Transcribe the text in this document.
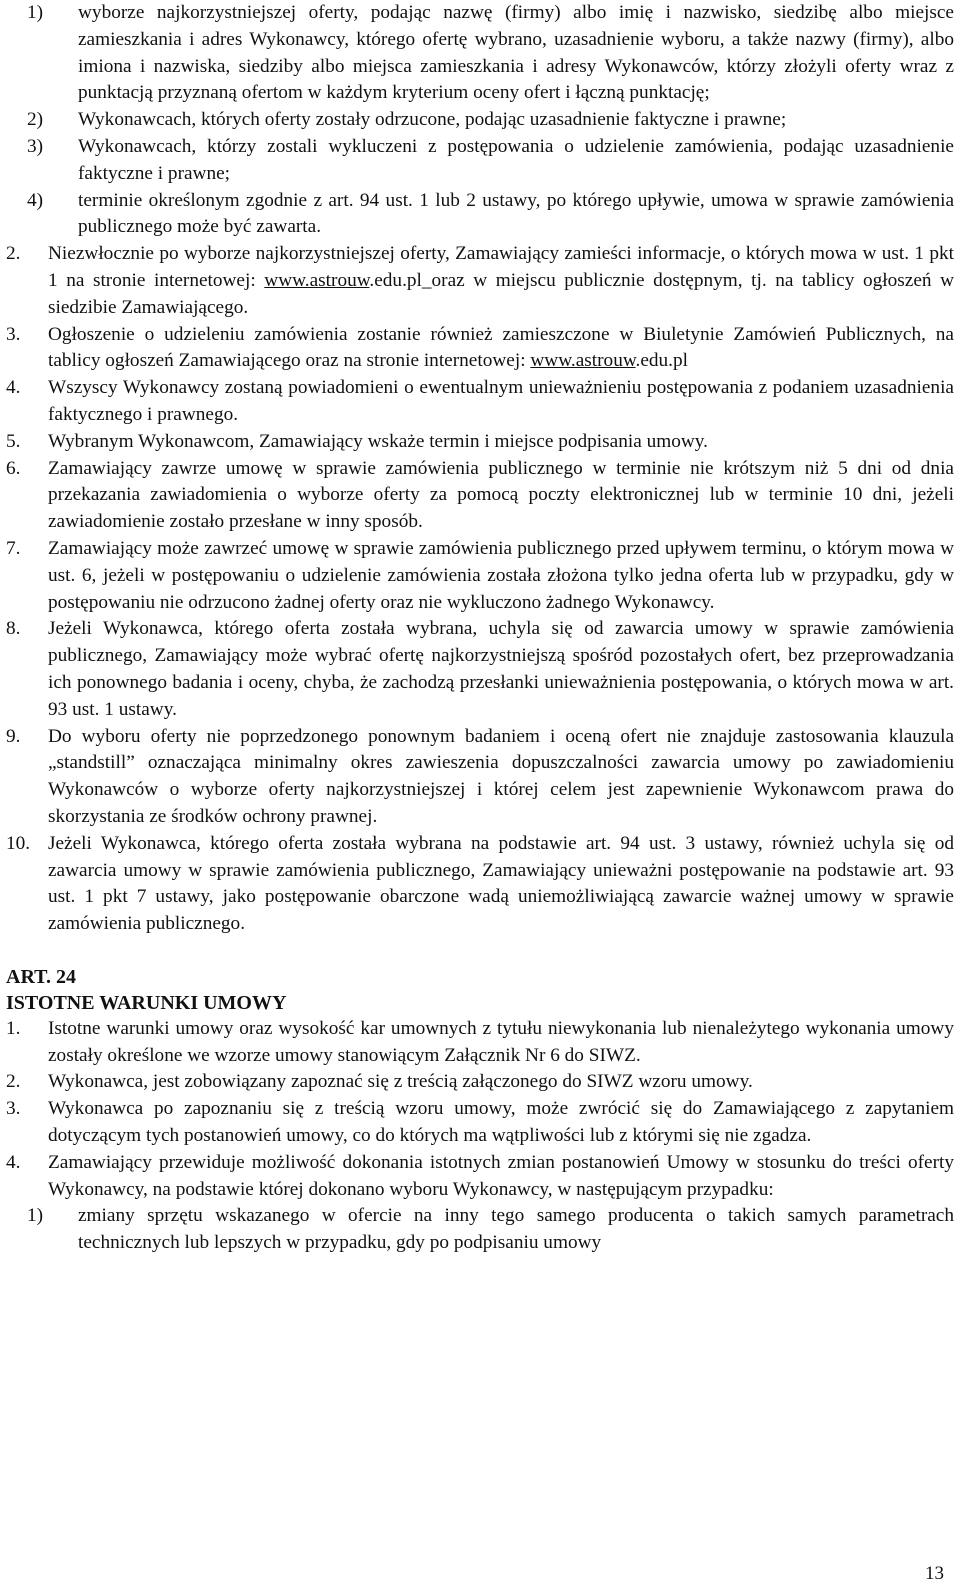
1) wyborze najkorzystniejszej oferty, podając nazwę (firmy) albo imię i nazwisko, siedzibę albo miejsce zamieszkania i adres Wykonawcy, którego ofertę wybrano, uzasadnienie wyboru, a także nazwy (firmy), albo imiona i nazwiska, siedziby albo miejsca zamieszkania i adresy Wykonawców, którzy złożyli oferty wraz z punktacją przyznaną ofertom w każdym kryterium oceny ofert i łączną punktację;
2) Wykonawcach, których oferty zostały odrzucone, podając uzasadnienie faktyczne i prawne;
3) Wykonawcach, którzy zostali wykluczeni z postępowania o udzielenie zamówienia, podając uzasadnienie faktyczne i prawne;
4) terminie określonym zgodnie z art. 94 ust. 1 lub 2 ustawy, po którego upływie, umowa w sprawie zamówienia publicznego może być zawarta.
2. Niezwłocznie po wyborze najkorzystniejszej oferty, Zamawiający zamieści informacje, o których mowa w ust. 1 pkt 1 na stronie internetowej: www.astrouw.edu.pl_oraz w miejscu publicznie dostępnym, tj. na tablicy ogłoszeń w siedzibie Zamawiającego.
3. Ogłoszenie o udzieleniu zamówienia zostanie również zamieszczone w Biuletynie Zamówień Publicznych, na tablicy ogłoszeń Zamawiającego oraz na stronie internetowej: www.astrouw.edu.pl
4. Wszyscy Wykonawcy zostaną powiadomieni o ewentualnym unieważnieniu postępowania z podaniem uzasadnienia faktycznego i prawnego.
5. Wybranym Wykonawcom, Zamawiający wskaże termin i miejsce podpisania umowy.
6. Zamawiający zawrze umowę w sprawie zamówienia publicznego w terminie nie krótszym niż 5 dni od dnia przekazania zawiadomienia o wyborze oferty za pomocą poczty elektronicznej lub w terminie 10 dni, jeżeli zawiadomienie zostało przesłane w inny sposób.
7. Zamawiający może zawrzeć umowę w sprawie zamówienia publicznego przed upływem terminu, o którym mowa w ust. 6, jeżeli w postępowaniu o udzielenie zamówienia została złożona tylko jedna oferta lub w przypadku, gdy w postępowaniu nie odrzucono żadnej oferty oraz nie wykluczono żadnego Wykonawcy.
8. Jeżeli Wykonawca, którego oferta została wybrana, uchyla się od zawarcia umowy w sprawie zamówienia publicznego, Zamawiający może wybrać ofertę najkorzystniejszą spośród pozostałych ofert, bez przeprowadzania ich ponownego badania i oceny, chyba, że zachodzą przesłanki unieważnienia postępowania, o których mowa w art. 93 ust. 1 ustawy.
9. Do wyboru oferty nie poprzedzonego ponownym badaniem i oceną ofert nie znajduje zastosowania klauzula „standstill” oznaczająca minimalny okres zawieszenia dopuszczalności zawarcia umowy po zawiadomieniu Wykonawców o wyborze oferty najkorzystniejszej i której celem jest zapewnienie Wykonawcom prawa do skorzystania ze środków ochrony prawnej.
10. Jeżeli Wykonawca, którego oferta została wybrana na podstawie art. 94 ust. 3 ustawy, również uchyla się od zawarcia umowy w sprawie zamówienia publicznego, Zamawiający unieważni postępowanie na podstawie art. 93 ust. 1 pkt 7 ustawy, jako postępowanie obarczone wadą uniemożliwiającą zawarcie ważnej umowy w sprawie zamówienia publicznego.
ART. 24
ISTOTNE WARUNKI UMOWY
1. Istotne warunki umowy oraz wysokość kar umownych z tytułu niewykonania lub nienależytego wykonania umowy zostały określone we wzorze umowy stanowiącym Załącznik Nr 6 do SIWZ.
2. Wykonawca, jest zobowiązany zapoznać się z treścią załączonego do SIWZ wzoru umowy.
3. Wykonawca po zapoznaniu się z treścią wzoru umowy, może zwrócić się do Zamawiającego z zapytaniem dotyczącym tych postanowień umowy, co do których ma wątpliwości lub z którymi się nie zgadza.
4. Zamawiający przewiduje możliwość dokonania istotnych zmian postanowień Umowy w stosunku do treści oferty Wykonawcy, na podstawie której dokonano wyboru Wykonawcy, w następującym przypadku:
1) zmiany sprzętu wskazanego w ofercie na inny tego samego producenta o takich samych parametrach technicznych lub lepszych w przypadku, gdy po podpisaniu umowy
13
